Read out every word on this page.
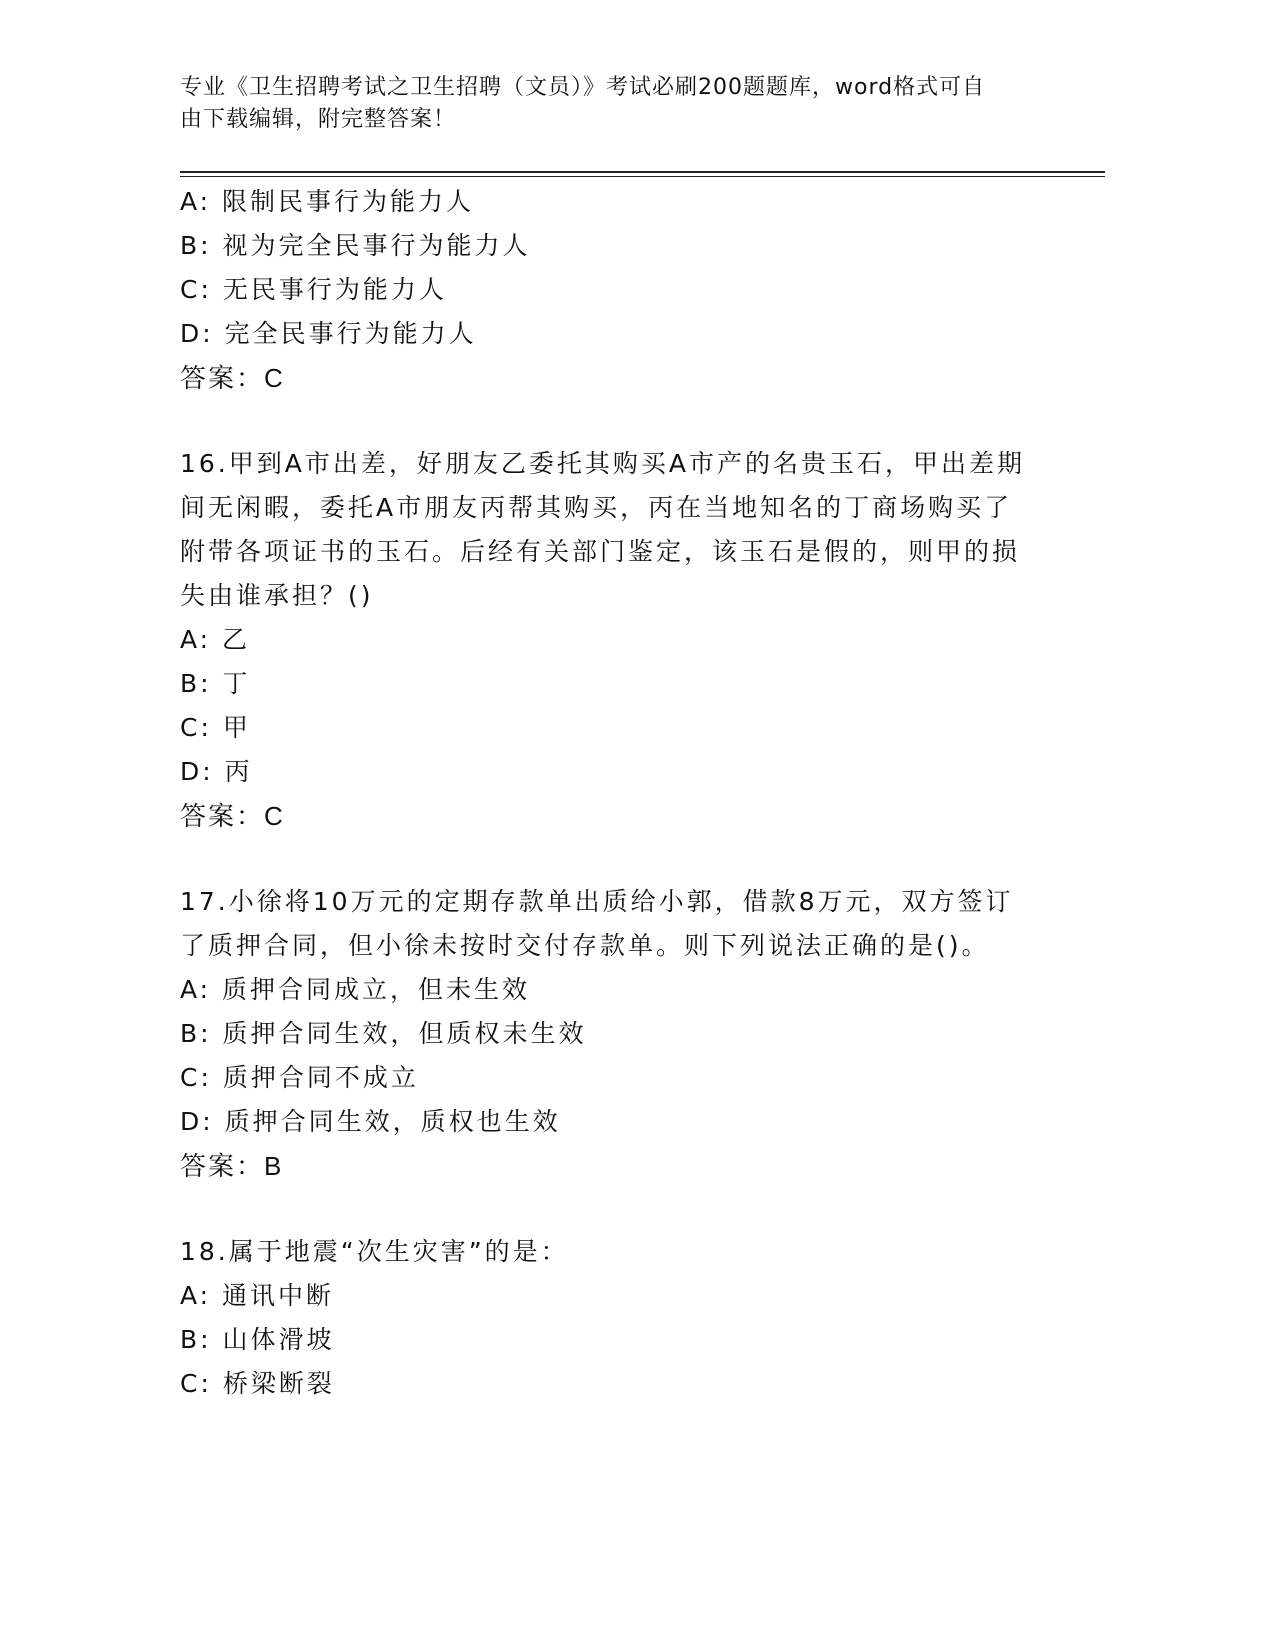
专业《卫生招聘考试之卫生招聘（文员）》考试必刷200题题库，word格式可自
由下载编辑，附完整答案！
A: 限制民事行为能力人
B: 视为完全民事行为能力人
C: 无民事行为能力人
D: 完全民事行为能力人
答案：C
16.甲到A市出差，好朋友乙委托其购买A市产的名贵玉石，甲出差期
间无闲暇，委托A市朋友丙帮其购买，丙在当地知名的丁商场购买了
附带各项证书的玉石。后经有关部门鉴定，该玉石是假的，则甲的损
失由谁承担？()
A: 乙
B: 丁
C: 甲
D: 丙
答案：C
17.小徐将10万元的定期存款单出质给小郭，借款8万元，双方签订
了质押合同，但小徐未按时交付存款单。则下列说法正确的是()。
A: 质押合同成立，但未生效
B: 质押合同生效，但质权未生效
C: 质押合同不成立
D: 质押合同生效，质权也生效
答案：B
18.属于地震“次生灾害”的是：
A: 通讯中断
B: 山体滑坡
C: 桥梁断裂
